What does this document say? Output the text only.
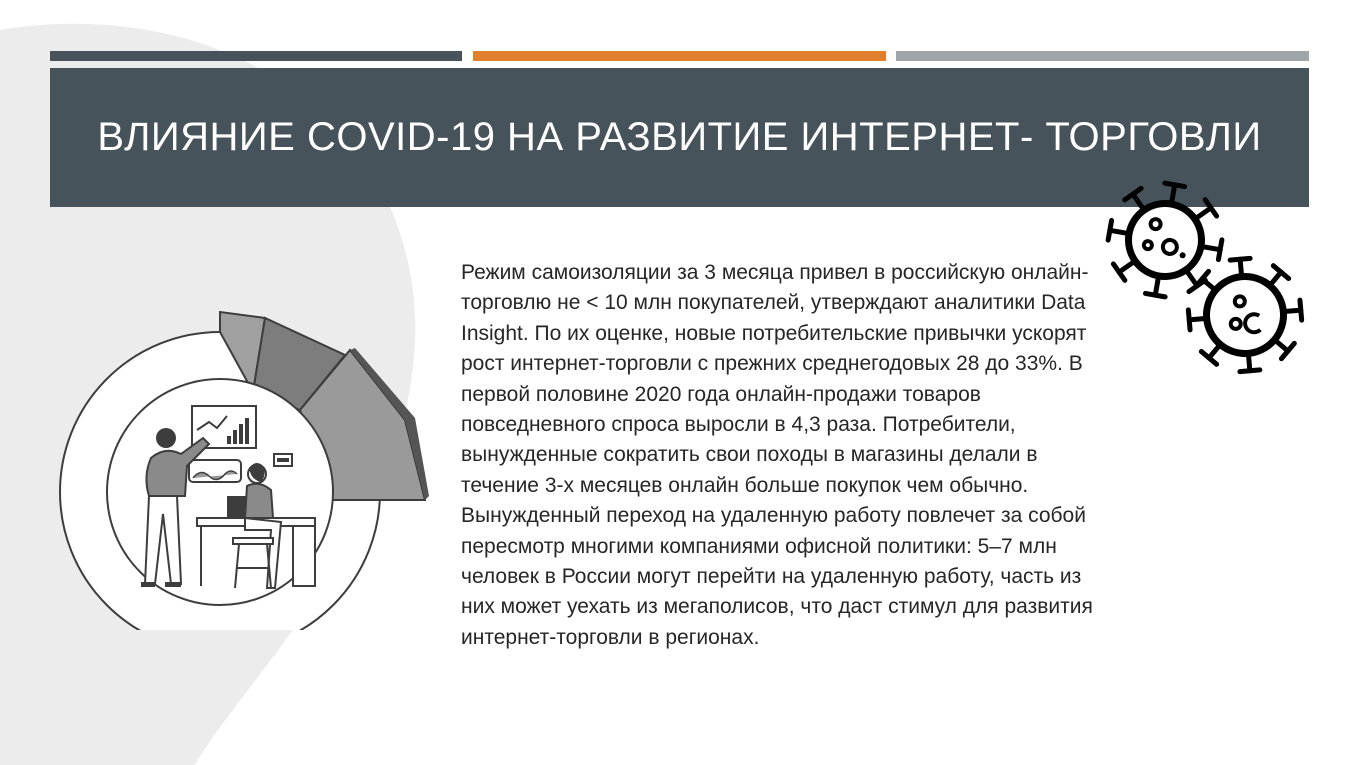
ВЛИЯНИЕ COVID-19 НА РАЗВИТИЕ ИНТЕРНЕТ- ТОРГОВЛИ

Режим самоизоляции за 3 месяца привел в российскую онлайн-торговлю не < 10 млн покупателей, утверждают аналитики Data Insight. По их оценке, новые потребительские привычки ускорят рост интернет-торговли с прежних среднегодовых 28 до 33%. В первой половине 2020 года онлайн-продажи товаров повседневного спроса выросли в 4,3 раза. Потребители, вынужденные сократить свои походы в магазины делали в течение 3-х месяцев онлайн больше покупок чем обычно. Вынужденный переход на удаленную работу повлечет за собой пересмотр многими компаниями офисной политики: 5–7 млн человек в России могут перейти на удаленную работу, часть из них может уехать из мегаполисов, что даст стимул для развития интернет-торговли в регионах.
